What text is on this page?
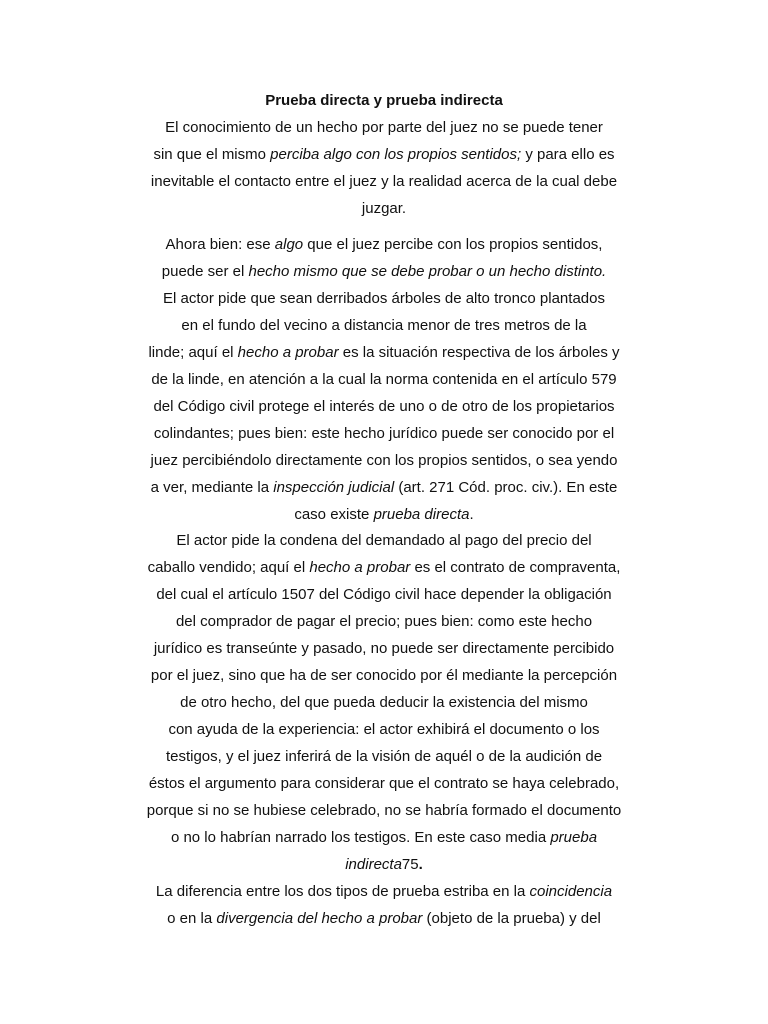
Prueba directa y prueba indirecta
El conocimiento de un hecho por parte del juez no se puede tener
sin que el mismo perciba algo con los propios sentidos; y para ello es
inevitable el contacto entre el juez y la realidad acerca de la cual debe
juzgar.
Ahora bien: ese algo que el juez percibe con los propios sentidos,
puede ser el hecho mismo que se debe probar o un hecho distinto.
El actor pide que sean derribados árboles de alto tronco plantados
en el fundo del vecino a distancia menor de tres metros de la
linde; aquí el hecho a probar es la situación respectiva de los árboles y
de la linde, en atención a la cual la norma contenida en el artículo 579
del Código civil protege el interés de uno o de otro de los propietarios
colindantes; pues bien: este hecho jurídico puede ser conocido por el
juez percibiéndolo directamente con los propios sentidos, o sea yendo
a ver, mediante la inspección judicial (art. 271 Cód. proc. civ.). En este
caso existe prueba directa.
El actor pide la condena del demandado al pago del precio del
caballo vendido; aquí el hecho a probar es el contrato de compraventa,
del cual el artículo 1507 del Código civil hace depender la obligación
del comprador de pagar el precio; pues bien: como este hecho
jurídico es transeúnte y pasado, no puede ser directamente percibido
por el juez, sino que ha de ser conocido por él mediante la percepción
de otro hecho, del que pueda deducir la existencia del mismo
con ayuda de la experiencia: el actor exhibirá el documento o los
testigos, y el juez inferirá de la visión de aquél o de la audición de
éstos el argumento para considerar que el contrato se haya celebrado,
porque si no se hubiese celebrado, no se habría formado el documento
o no lo habrían narrado los testigos. En este caso media prueba
indirecta75.
La diferencia entre los dos tipos de prueba estriba en la coincidencia
o en la divergencia del hecho a probar (objeto de la prueba) y del
